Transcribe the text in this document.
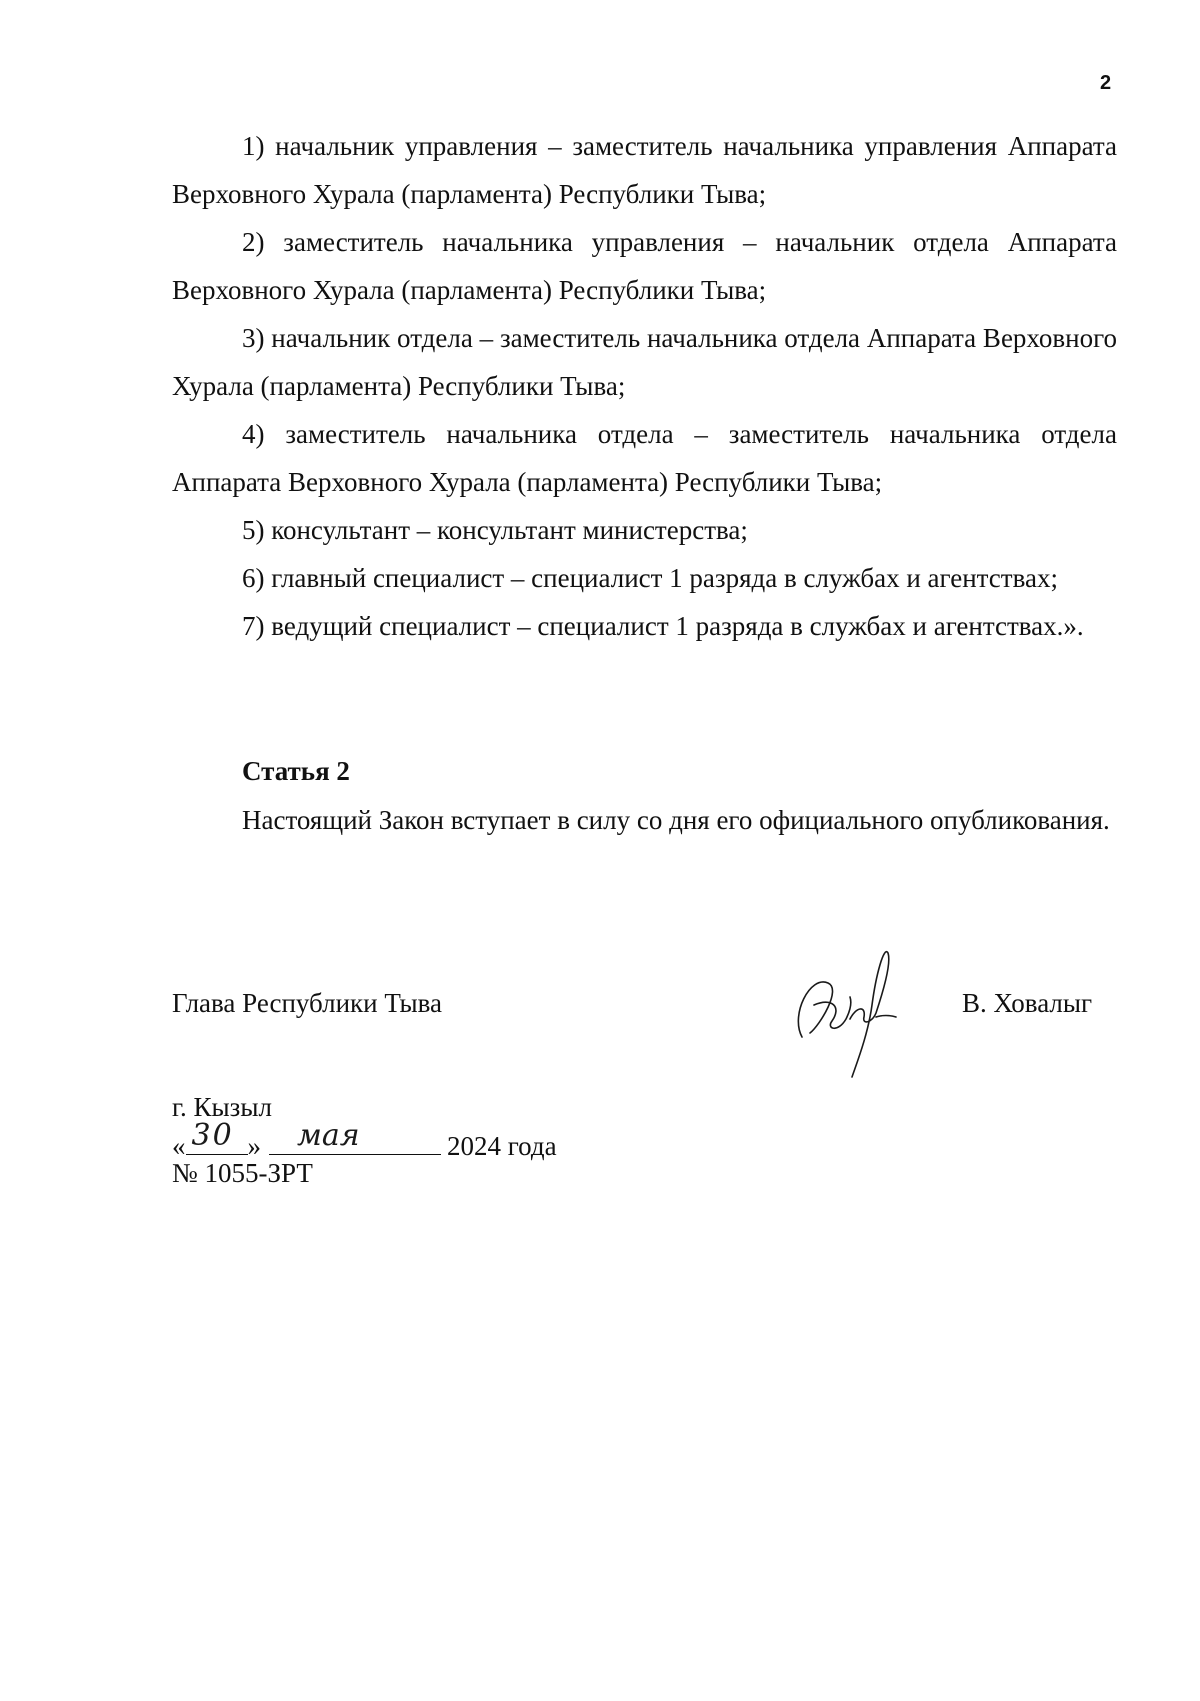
2

1) начальник управления – заместитель начальника управления Аппарата Верховного Хурала (парламента) Республики Тыва;

2) заместитель начальника управления – начальник отдела Аппарата Верховного Хурала (парламента) Республики Тыва;

3) начальник отдела – заместитель начальника отдела Аппарата Верховного Хурала (парламента) Республики Тыва;

4) заместитель начальника отдела – заместитель начальника отдела Аппарата Верховного Хурала (парламента) Республики Тыва;

5) консультант – консультант министерства;

6) главный специалист – специалист 1 разряда в службах и агентствах;

7) ведущий специалист – специалист 1 разряда в службах и агентствах.».

Статья 2

Настоящий Закон вступает в силу со дня его официального опубликования.

Глава Республики Тыва	В. Ховалыг
г. Кызыл
« 30 » мая	2024 года
№ 1055-ЗРТ
